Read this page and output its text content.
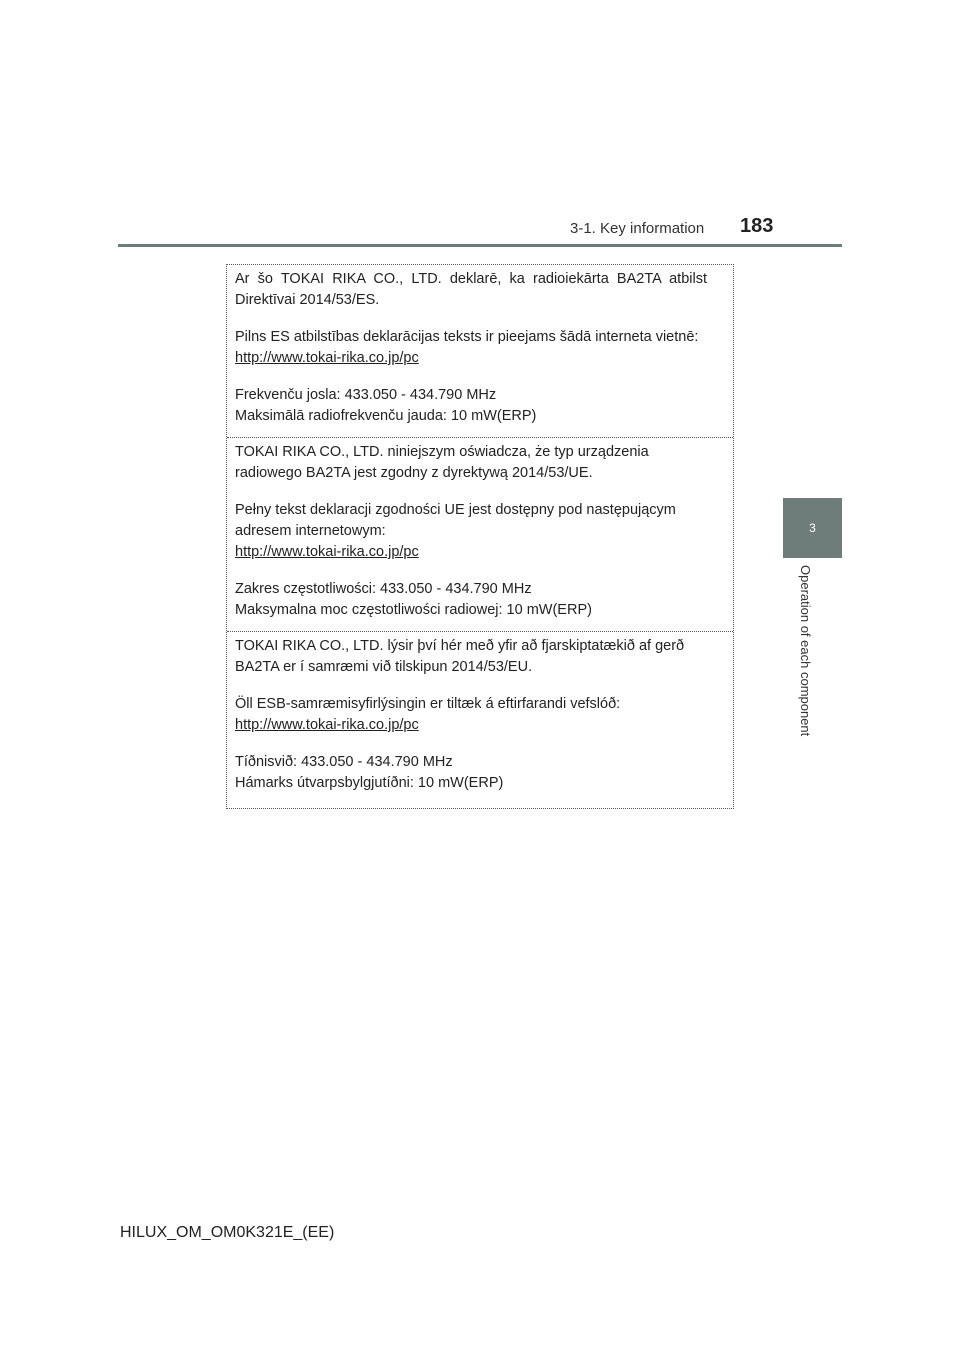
3-1. Key information 183
3
Operation of each component

Ar šo TOKAI RIKA CO., LTD. deklarē, ka radioiekārta BA2TA atbilst Direktīvai 2014/53/ES.

Pilns ES atbilstības deklarācijas teksts ir pieejams šādā interneta vietnē:

http://www.tokai-rika.co.jp/pc

Frekvenču josla: 433.050 - 434.790 MHz

Maksimālā radiofrekvenču jauda: 10 mW(ERP)

TOKAI RIKA CO., LTD. niniejszym oświadcza, że typ urządzenia

radiowego BA2TA jest zgodny z dyrektywą 2014/53/UE.

Pełny tekst deklaracji zgodności UE jest dostępny pod następującym

adresem internetowym:

http://www.tokai-rika.co.jp/pc

Zakres częstotliwości: 433.050 - 434.790 MHz

Maksymalna moc częstotliwości radiowej: 10 mW(ERP)

TOKAI RIKA CO., LTD. lýsir því hér með yfir að fjarskiptatækið af gerð

BA2TA er í samræmi við tilskipun 2014/53/EU.

Öll ESB-samræmisyfirlýsingin er tiltæk á eftirfarandi vefslóð:

http://www.tokai-rika.co.jp/pc

Tíðnisvið: 433.050 - 434.790 MHz

Hámarks útvarpsbylgjutíðni: 10 mW(ERP)

HILUX_OM_OM0K321E_(EE)
